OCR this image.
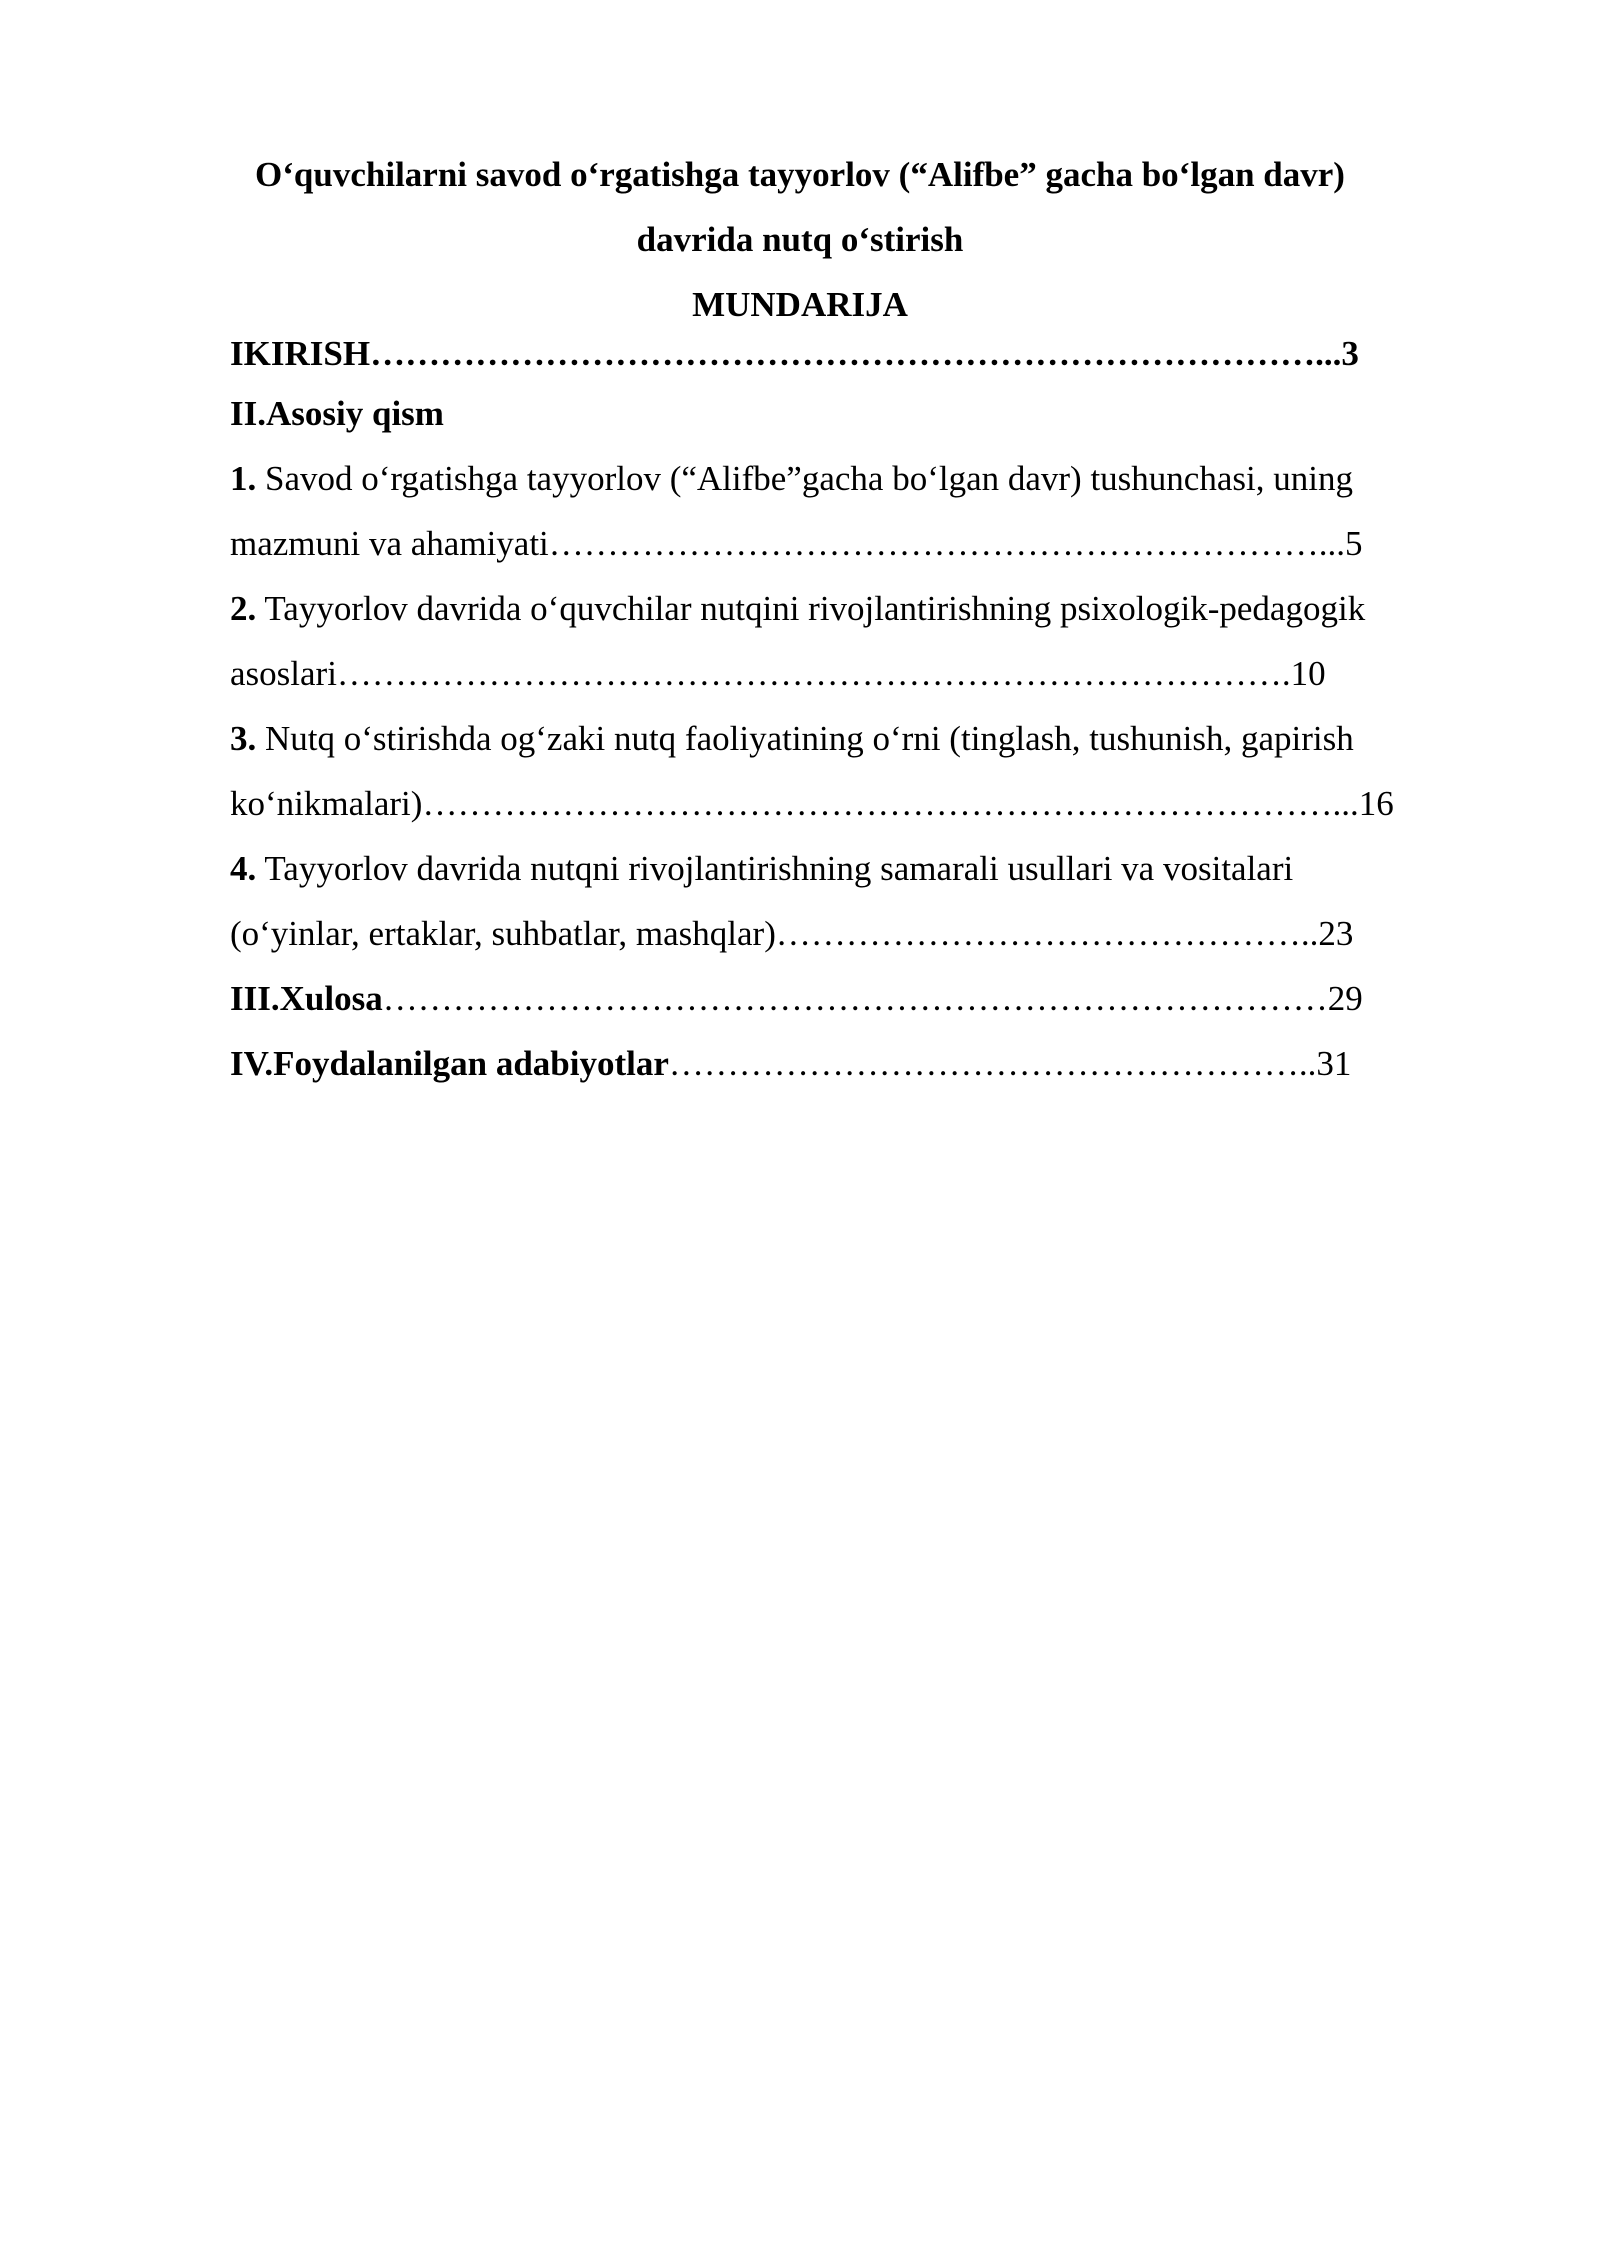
O‘quvchilarni savod o‘rgatishga tayyorlov (“Alifbe” gacha bo‘lgan davr)
davrida nutq o‘stirish
MUNDARIJA
IKIRISH………………………………………………………………………...3
II.Asosiy qism
1. Savod o‘rgatishga tayyorlov (“Alifbe”gacha bo‘lgan davr) tushunchasi, uning
mazmuni va ahamiyati…………………………………………………………...5
2. Tayyorlov davrida o‘quvchilar nutqini rivojlantirishning psixologik-pedagogik
asoslari……………………………………………………………………….10
3. Nutq o‘stirishda og‘zaki nutq faoliyatining o‘rni (tinglash, tushunish, gapirish
ko‘nikmalari)……………………………………………………………………...16
4. Tayyorlov davrida nutqni rivojlantirishning samarali usullari va vositalari
(o‘yinlar, ertaklar, suhbatlar, mashqlar)………………………………………..23
III.Xulosa………………………………………………………………………29
IV.Foydalanilgan adabiyotlar………………………………………………..31
